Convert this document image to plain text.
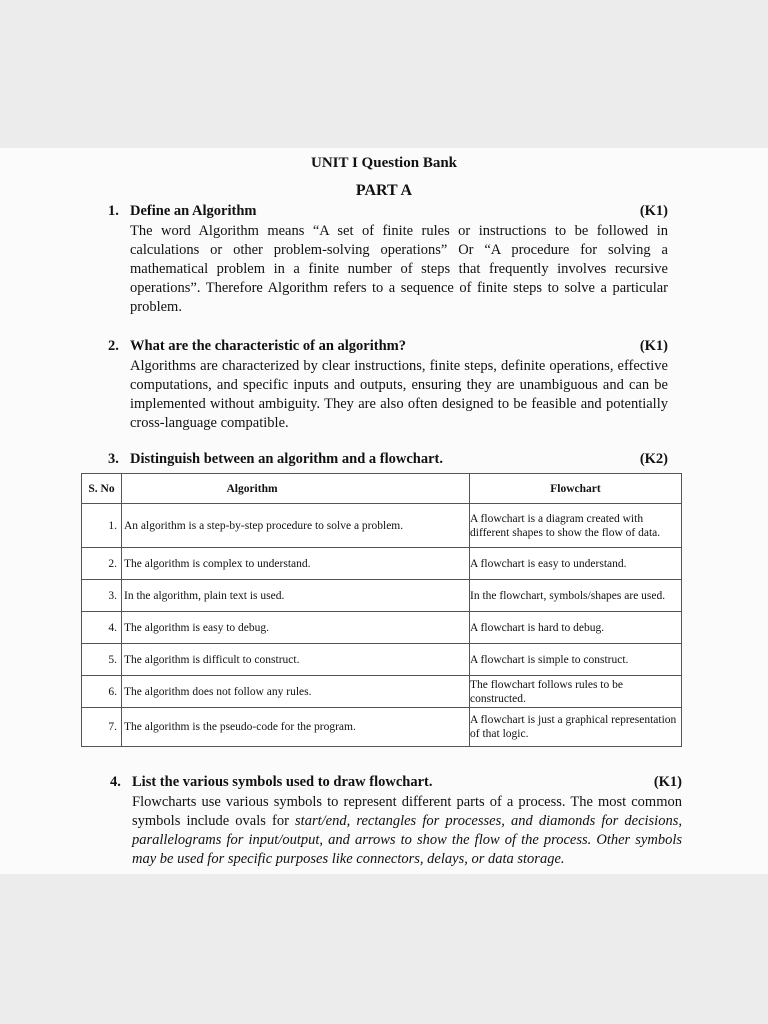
UNIT I Question Bank
PART A
1. Define an Algorithm	(K1)
The word Algorithm means “A set of finite rules or instructions to be followed in calculations or other problem-solving operations” Or “A procedure for solving a mathematical problem in a finite number of steps that frequently involves recursive operations”. Therefore Algorithm refers to a sequence of finite steps to solve a particular problem.
2. What are the characteristic of an algorithm?	(K1)
Algorithms are characterized by clear instructions, finite steps, definite operations, effective computations, and specific inputs and outputs, ensuring they are unambiguous and can be implemented without ambiguity. They are also often designed to be feasible and potentially cross-language compatible.
3. Distinguish between an algorithm and a flowchart.	(K2)
S. No	Algorithm	Flowchart
1.	An algorithm is a step-by-step procedure to solve a problem.	A flowchart is a diagram created with different shapes to show the flow of data.
2.	The algorithm is complex to understand.	A flowchart is easy to understand.
3.	In the algorithm, plain text is used.	In the flowchart, symbols/shapes are used.
4.	The algorithm is easy to debug.	A flowchart is hard to debug.
5.	The algorithm is difficult to construct.	A flowchart is simple to construct.
6.	The algorithm does not follow any rules.	The flowchart follows rules to be constructed.
7.	The algorithm is the pseudo-code for the program.	A flowchart is just a graphical representation of that logic.
4. List the various symbols used to draw flowchart.	(K1)
Flowcharts use various symbols to represent different parts of a process. The most common symbols include ovals for start/end, rectangles for processes, and diamonds for decisions, parallelograms for input/output, and arrows to show the flow of the process. Other symbols may be used for specific purposes like connectors, delays, or data storage.
